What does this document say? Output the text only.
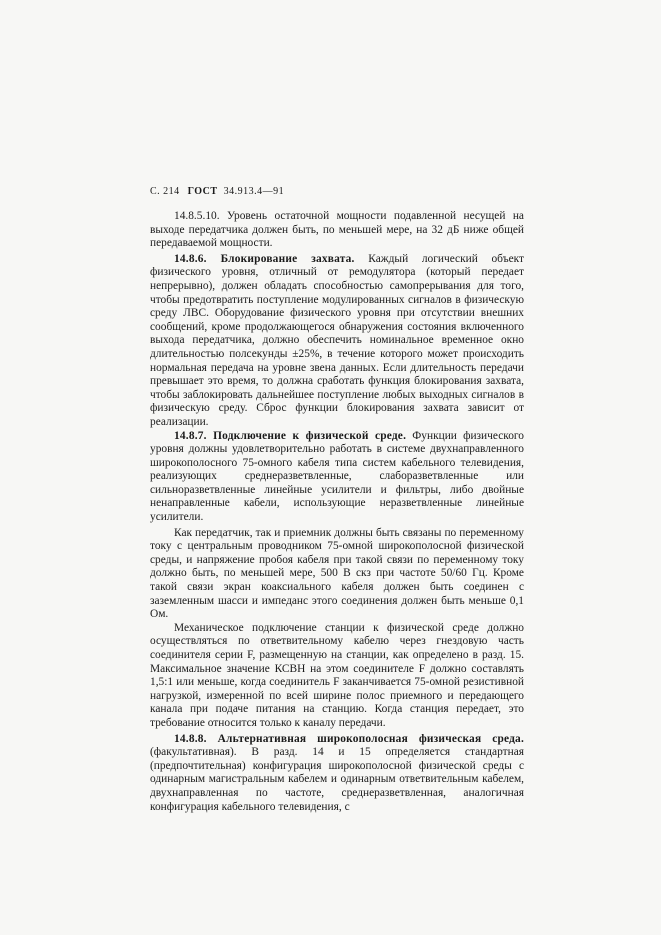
С. 214 ГОСТ 34.913.4—91

14.8.5.10. Уровень остаточной мощности подавленной несущей на выходе передатчика должен быть, по меньшей мере, на 32 дБ ниже общей передаваемой мощности.

14.8.6. Блокирование захвата. Каждый логический объект физического уровня, отличный от ремодулятора (который передает непрерывно), должен обладать способностью самопрерывания для того, чтобы предотвратить поступление модулированных сигналов в физическую среду ЛВС. Оборудование физического уровня при отсутствии внешних сообщений, кроме продолжающегося обнаружения состояния включенного выхода передатчика, должно обеспечить номинальное временное окно длительностью полсекунды ±25%, в течение которого может происходить нормальная передача на уровне звена данных. Если длительность передачи превышает это время, то должна сработать функция блокирования захвата, чтобы заблокировать дальнейшее поступление любых выходных сигналов в физическую среду. Сброс функции блокирования захвата зависит от реализации.

14.8.7. Подключение к физической среде. Функции физического уровня должны удовлетворительно работать в системе двухнаправленного широкополосного 75-омного кабеля типа систем кабельного телевидения, реализующих среднеразветвленные, слаборазветвленные или сильноразветвленные линейные усилители и фильтры, либо двойные ненаправленные кабели, использующие неразветвленные линейные усилители.

Как передатчик, так и приемник должны быть связаны по переменному току с центральным проводником 75-омной широкополосной физической среды, и напряжение пробоя кабеля при такой связи по переменному току должно быть, по меньшей мере, 500 В скз при частоте 50/60 Гц. Кроме такой связи экран коаксиального кабеля должен быть соединен с заземленным шасси и импеданс этого соединения должен быть меньше 0,1 Ом.

Механическое подключение станции к физической среде должно осуществляться по ответвительному кабелю через гнездовую часть соединителя серии F, размещенную на станции, как определено в разд. 15. Максимальное значение КСВН на этом соединителе F должно составлять 1,5:1 или меньше, когда соединитель F заканчивается 75-омной резистивной нагрузкой, измеренной по всей ширине полос приемного и передающего канала при подаче питания на станцию. Когда станция передает, это требование относится только к каналу передачи.

14.8.8. Альтернативная широкополосная физическая среда. (факультативная). В разд. 14 и 15 определяется стандартная (предпочтительная) конфигурация широкополосной физической среды с одинарным магистральным кабелем и одинарным ответвительным кабелем, двухнаправленная по частоте, среднеразветвленная, аналогичная конфигурация кабельного телевидения, с
